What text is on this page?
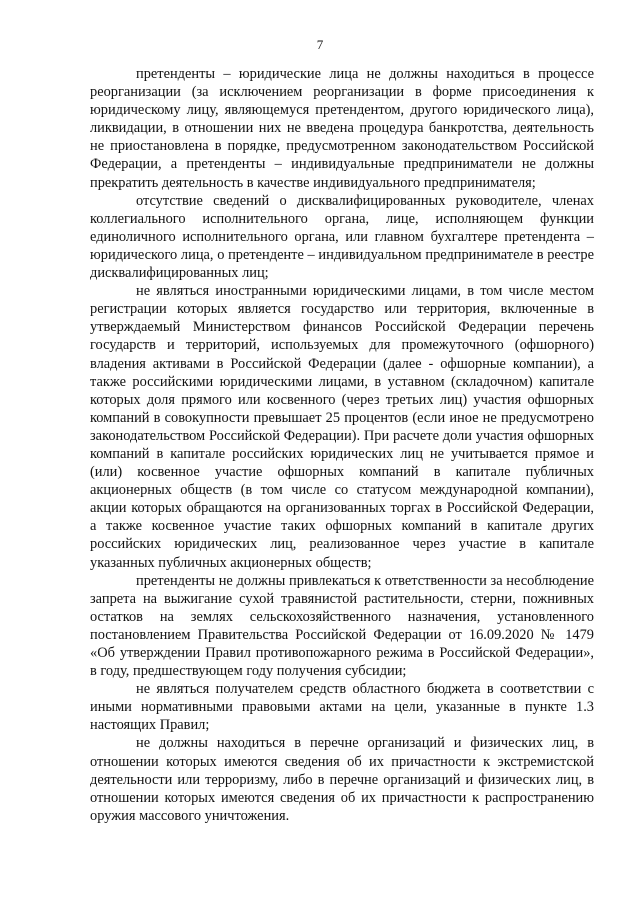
7

претенденты – юридические лица не должны находиться в процессе реорганизации (за исключением реорганизации в форме присоединения к юридическому лицу, являющемуся претендентом, другого юридического лица), ликвидации, в отношении них не введена процедура банкротства, деятельность не приостановлена в порядке, предусмотренном законодательством Российской Федерации, а претенденты – индивидуальные предприниматели не должны прекратить деятельность в качестве индивидуального предпринимателя;

отсутствие сведений о дисквалифицированных руководителе, членах коллегиального исполнительного органа, лице, исполняющем функции единоличного исполнительного органа, или главном бухгалтере претендента – юридического лица, о претенденте – индивидуальном предпринимателе в реестре дисквалифицированных лиц;

не являться иностранными юридическими лицами, в том числе местом регистрации которых является государство или территория, включенные в утверждаемый Министерством финансов Российской Федерации перечень государств и территорий, используемых для промежуточного (офшорного) владения активами в Российской Федерации (далее - офшорные компании), а также российскими юридическими лицами, в уставном (складочном) капитале которых доля прямого или косвенного (через третьих лиц) участия офшорных компаний в совокупности превышает 25 процентов (если иное не предусмотрено законодательством Российской Федерации). При расчете доли участия офшорных компаний в капитале российских юридических лиц не учитывается прямое и (или) косвенное участие офшорных компаний в капитале публичных акционерных обществ (в том числе со статусом международной компании), акции которых обращаются на организованных торгах в Российской Федерации, а также косвенное участие таких офшорных компаний в капитале других российских юридических лиц, реализованное через участие в капитале указанных публичных акционерных обществ;

претенденты не должны привлекаться к ответственности за несоблюдение запрета на выжигание сухой травянистой растительности, стерни, пожнивных остатков на землях сельскохозяйственного назначения, установленного постановлением Правительства Российской Федерации от 16.09.2020 № 1479 «Об утверждении Правил противопожарного режима в Российской Федерации», в году, предшествующем году получения субсидии;

не являться получателем средств областного бюджета в соответствии с иными нормативными правовыми актами на цели, указанные в пункте 1.3 настоящих Правил;

не должны находиться в перечне организаций и физических лиц, в отношении которых имеются сведения об их причастности к экстремистской деятельности или терроризму, либо в перечне организаций и физических лиц, в отношении которых имеются сведения об их причастности к распространению оружия массового уничтожения.
